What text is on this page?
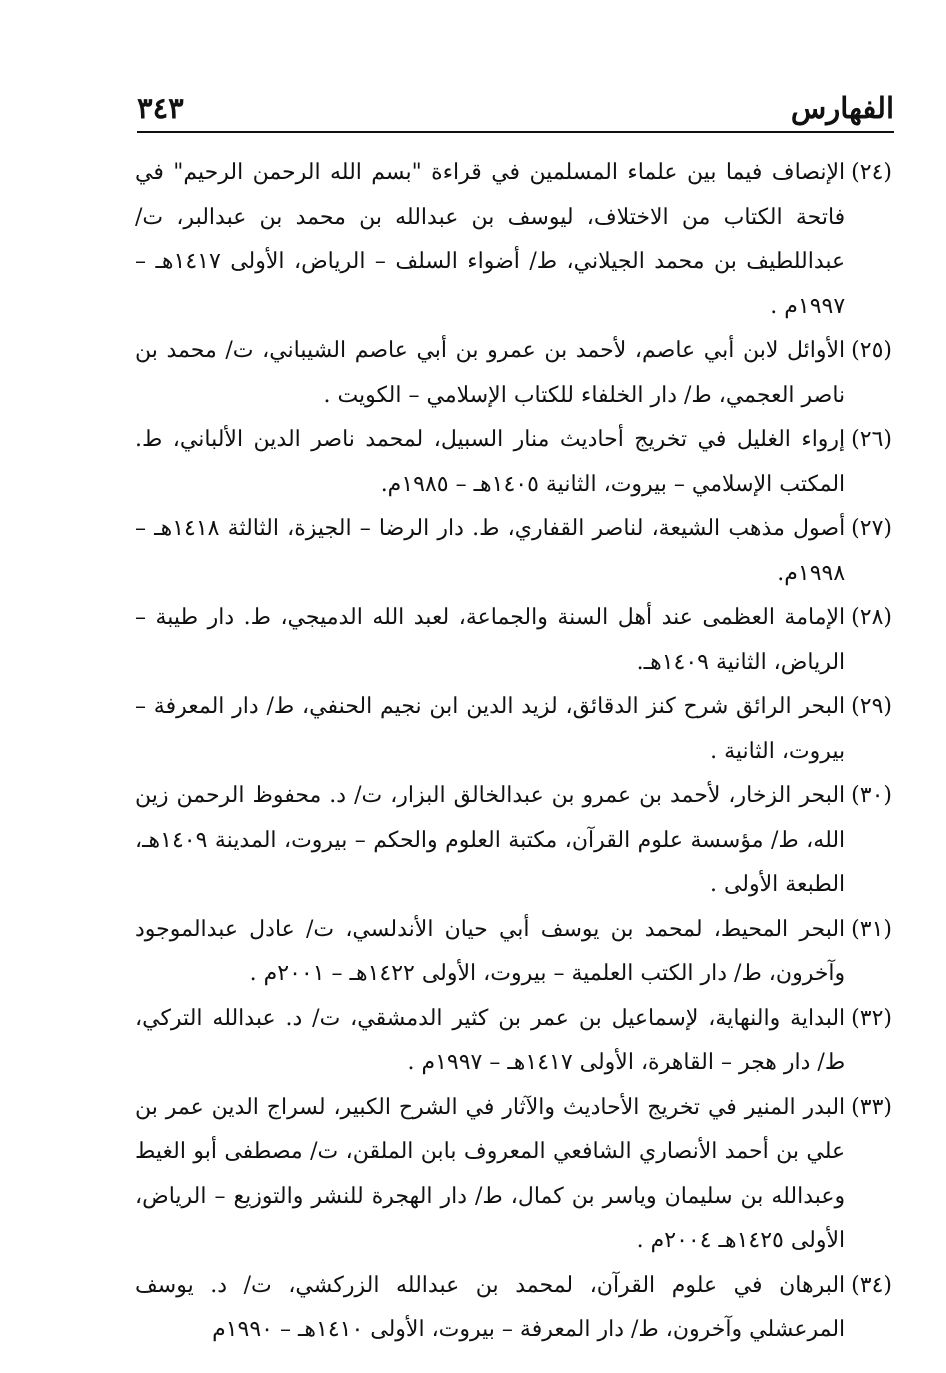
الفهارس
٣٤٣
(٢٤)
الإنصاف فيما بين علماء المسلمين في قراءة "بسم الله الرحمن الرحيم" في فاتحة الكتاب من الاختلاف، ليوسف بن عبدالله بن محمد بن عبدالبر، ت/ عبداللطيف بن محمد الجيلاني، ط/ أضواء السلف – الرياض، الأولى ١٤١٧هـ – ١٩٩٧م .
(٢٥)
الأوائل لابن أبي عاصم، لأحمد بن عمرو بن أبي عاصم الشيباني، ت/ محمد بن ناصر العجمي، ط/ دار الخلفاء للكتاب الإسلامي – الكويت .
(٢٦)
إرواء الغليل في تخريج أحاديث منار السبيل، لمحمد ناصر الدين الألباني، ط. المكتب الإسلامي – بيروت، الثانية ١٤٠٥هـ – ١٩٨٥م.
(٢٧)
أصول مذهب الشيعة، لناصر القفاري، ط. دار الرضا – الجيزة، الثالثة ١٤١٨هـ – ١٩٩٨م.
(٢٨)
الإمامة العظمى عند أهل السنة والجماعة، لعبد الله الدميجي، ط. دار طيبة – الرياض، الثانية ١٤٠٩هـ.
(٢٩)
البحر الرائق شرح كنز الدقائق، لزيد الدين ابن نجيم الحنفي، ط/ دار المعرفة – بيروت، الثانية .
(٣٠)
البحر الزخار، لأحمد بن عمرو بن عبدالخالق البزار، ت/ د. محفوظ الرحمن زين الله، ط/ مؤسسة علوم القرآن، مكتبة العلوم والحكم – بيروت، المدينة ١٤٠٩هـ، الطبعة الأولى .
(٣١)
البحر المحيط، لمحمد بن يوسف أبي حيان الأندلسي، ت/ عادل عبدالموجود وآخرون، ط/ دار الكتب العلمية – بيروت، الأولى ١٤٢٢هـ – ٢٠٠١م .
(٣٢)
البداية والنهاية، لإسماعيل بن عمر بن كثير الدمشقي، ت/ د. عبدالله التركي، ط/ دار هجر – القاهرة، الأولى ١٤١٧هـ – ١٩٩٧م .
(٣٣)
البدر المنير في تخريج الأحاديث والآثار في الشرح الكبير، لسراج الدين عمر بن علي بن أحمد الأنصاري الشافعي المعروف بابن الملقن، ت/ مصطفى أبو الغيط وعبدالله بن سليمان وياسر بن كمال، ط/ دار الهجرة للنشر والتوزيع – الرياض، الأولى ١٤٢٥هـ ٢٠٠٤م .
(٣٤)
البرهان في علوم القرآن، لمحمد بن عبدالله الزركشي، ت/ د. يوسف المرعشلي وآخرون، ط/ دار المعرفة – بيروت، الأولى ١٤١٠هـ – ١٩٩٠م
